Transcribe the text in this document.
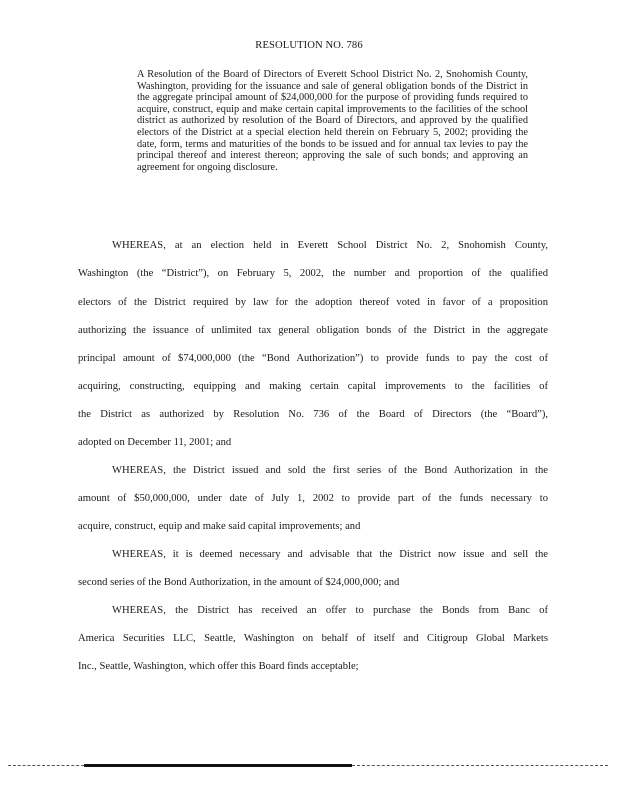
RESOLUTION NO. 786
A Resolution of the Board of Directors of Everett School District No. 2, Snohomish County, Washington, providing for the issuance and sale of general obligation bonds of the District in the aggregate principal amount of $24,000,000 for the purpose of providing funds required to acquire, construct, equip and make certain capital improvements to the facilities of the school district as authorized by resolution of the Board of Directors, and approved by the qualified electors of the District at a special election held therein on February 5, 2002; providing the date, form, terms and maturities of the bonds to be issued and for annual tax levies to pay the principal thereof and interest thereon; approving the sale of such bonds; and approving an agreement for ongoing disclosure.
WHEREAS, at an election held in Everett School District No. 2, Snohomish County,
Washington (the “District”), on February 5, 2002, the number and proportion of the qualified
electors of the District required by law for the adoption thereof voted in favor of a proposition
authorizing the issuance of unlimited tax general obligation bonds of the District in the aggregate
principal amount of $74,000,000 (the “Bond Authorization”) to provide funds to pay the cost of
acquiring, constructing, equipping and making certain capital improvements to the facilities of
the District as authorized by Resolution No. 736 of the Board of Directors (the “Board”),
adopted on December 11, 2001; and
WHEREAS, the District issued and sold the first series of the Bond Authorization in the
amount of $50,000,000, under date of July 1, 2002 to provide part of the funds necessary to
acquire, construct, equip and make said capital improvements; and
WHEREAS, it is deemed necessary and advisable that the District now issue and sell the
second series of the Bond Authorization, in the amount of $24,000,000; and
WHEREAS, the District has received an offer to purchase the Bonds from Banc of
America Securities LLC, Seattle, Washington on behalf of itself and Citigroup Global Markets
Inc., Seattle, Washington, which offer this Board finds acceptable;
